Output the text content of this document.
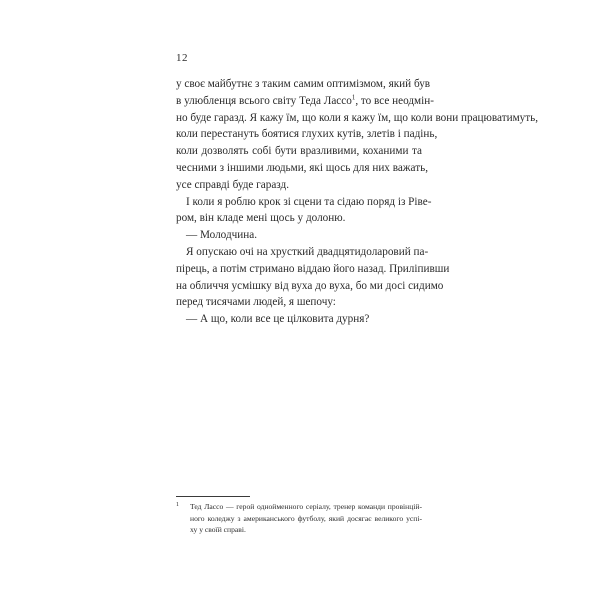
12
у своє майбутнє з таким самим оптимізмом, який був
в улюбленця всього світу Теда Лассо$^1$, то все неодмін-
но буде гаразд. Я кажу їм, що коли я кажу їм, що коли вони працюватимуть,
коли перестануть боятися глухих кутів, злетів і падінь,
коли дозволять собі бути вразливими, коханими та
чесними з іншими людьми, які щось для них важать,
усе справді буде гаразд.
І коли я роблю крок зі сцени та сідаю поряд із Рівe-
ром, він кладе мені щось у долоню.
— Молодчина.
Я опускаю очі на хрусткий двадцятидоларовий па-
пірець, а потім стримано віддаю його назад. Приліпивши
на обличчя усмішку від вуха до вуха, бо ми досі сидимо
перед тисячами людей, я шепочу:
— А що, коли все це цілковита дурня?
1 Тед Лассо — герой однойменного серіалу, тренер команди провінцій-
ного коледжу з американського футболу, який досягає великого успі-
ху у своїй справі.
